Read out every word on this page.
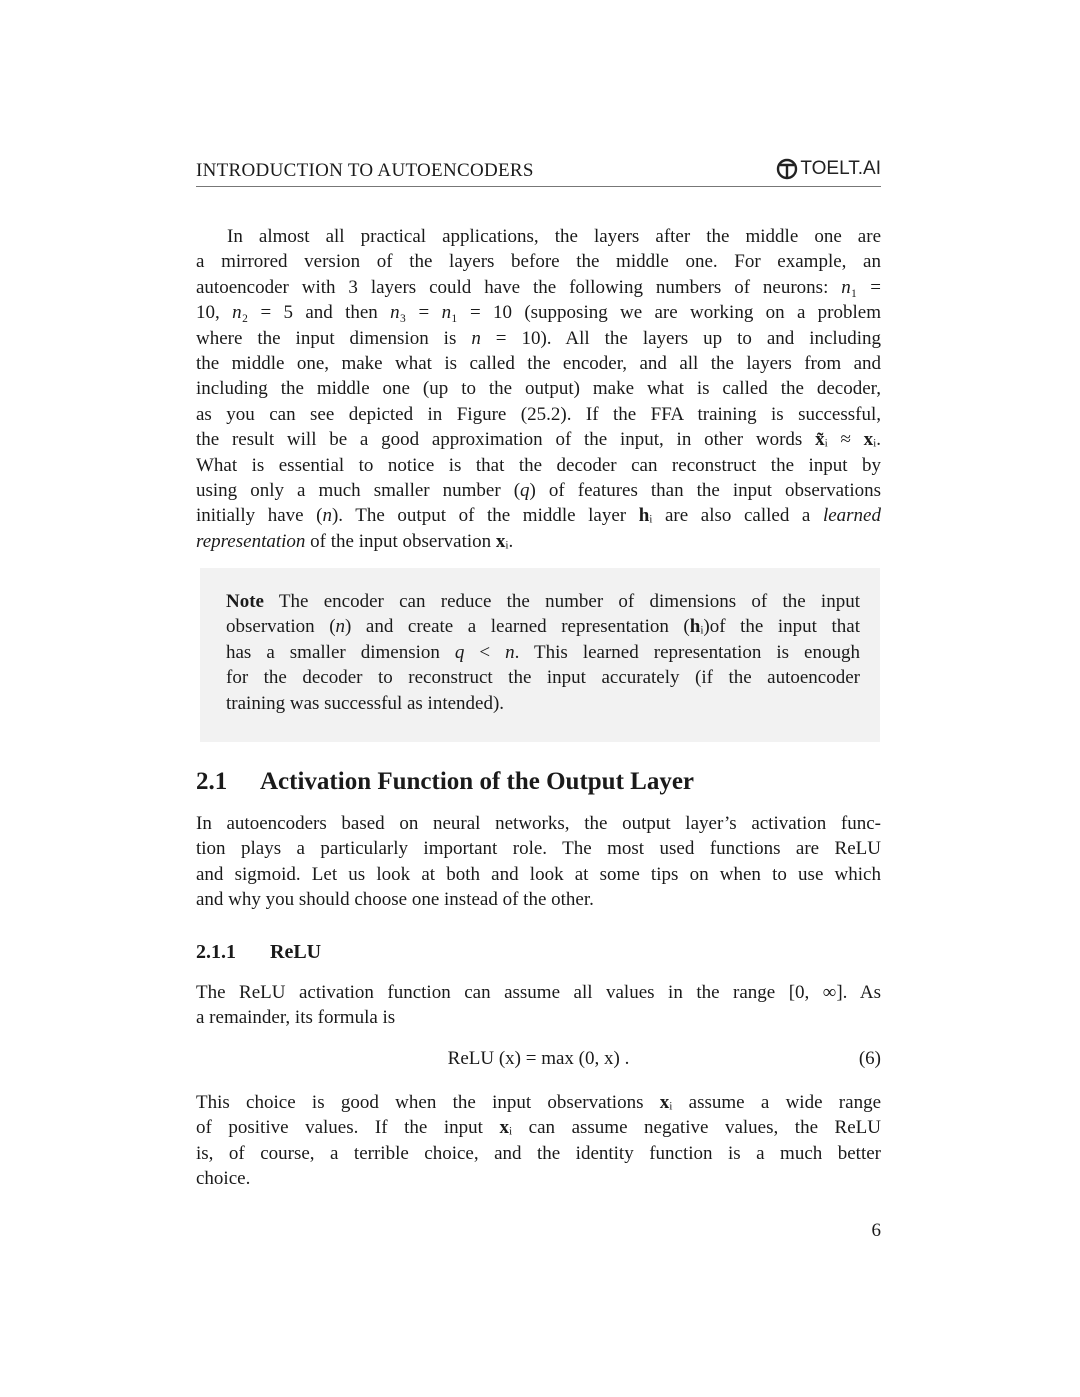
INTRODUCTION TO AUTOENCODERS	TOELT.AI
In almost all practical applications, the layers after the middle one are
a mirrored version of the layers before the middle one. For example, an
autoencoder with 3 layers could have the following numbers of neurons: n₁ =
10, n₂ = 5 and then n₃ = n₁ = 10 (supposing we are working on a problem
where the input dimension is n = 10). All the layers up to and including
the middle one, make what is called the encoder, and all the layers from and
including the middle one (up to the output) make what is called the decoder,
as you can see depicted in Figure (25.2). If the FFA training is successful,
the result will be a good approximation of the input, in other words x̃ᵢ ≈ xᵢ.
What is essential to notice is that the decoder can reconstruct the input by
using only a much smaller number (q) of features than the input observations
initially have (n). The output of the middle layer hᵢ are also called a learned
representation of the input observation xᵢ.
Note The encoder can reduce the number of dimensions of the input
observation (n) and create a learned representation (hᵢ)of the input that
has a smaller dimension q < n. This learned representation is enough
for the decoder to reconstruct the input accurately (if the autoencoder
training was successful as intended).
2.1 Activation Function of the Output Layer
In autoencoders based on neural networks, the output layer’s activation func-
tion plays a particularly important role. The most used functions are ReLU
and sigmoid. Let us look at both and look at some tips on when to use which
and why you should choose one instead of the other.
2.1.1 ReLU
The ReLU activation function can assume all values in the range [0, ∞]. As
a remainder, its formula is
ReLU (x) = max (0, x) .	(6)
This choice is good when the input observations xᵢ assume a wide range
of positive values. If the input xᵢ can assume negative values, the ReLU
is, of course, a terrible choice, and the identity function is a much better
choice.
6
